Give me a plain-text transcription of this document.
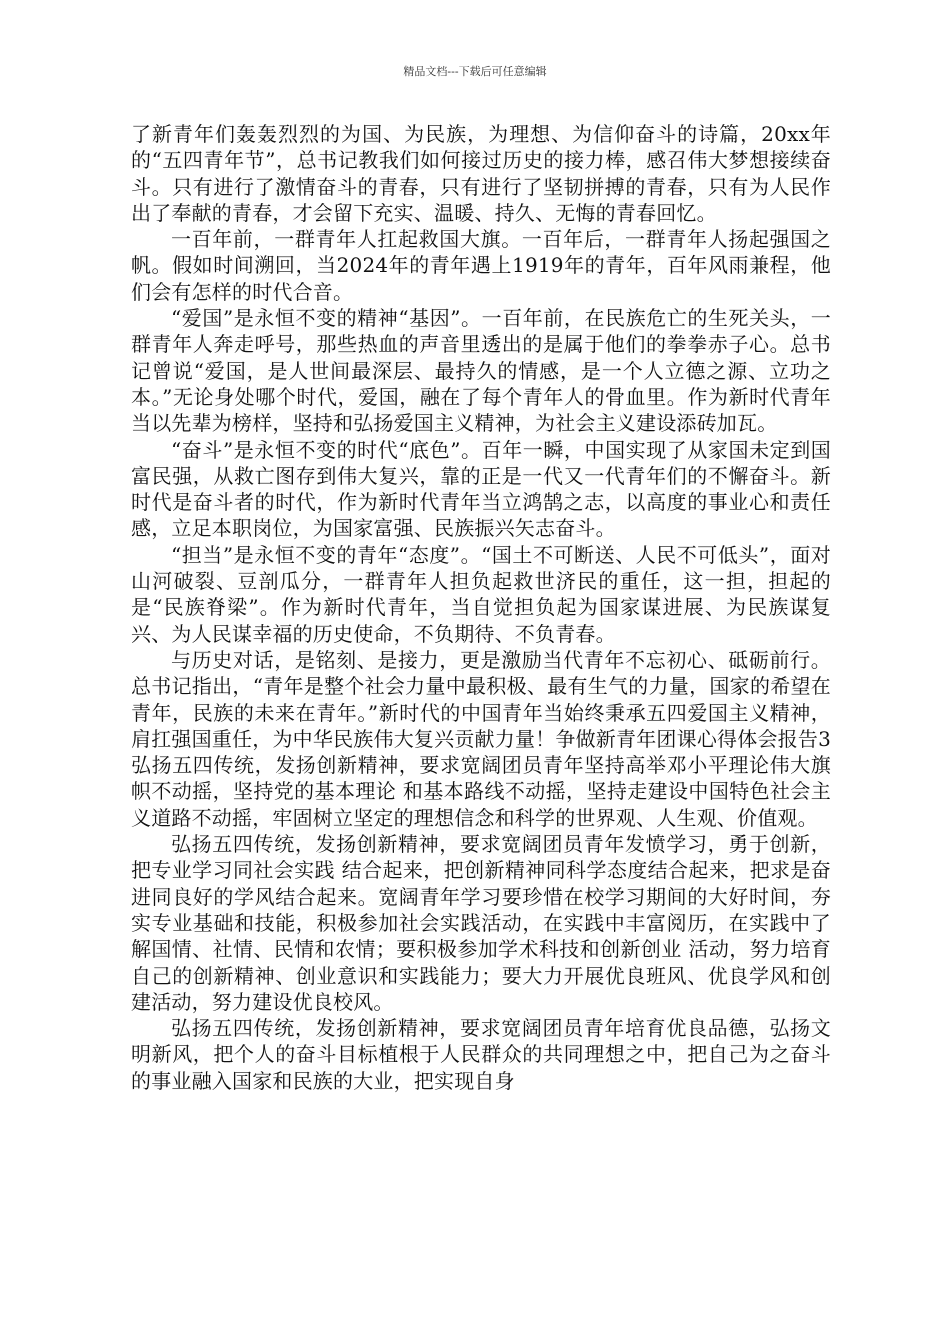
精品文档---下载后可任意编辑

了新青年们轰轰烈烈的为国、为民族，为理想、为信仰奋斗的诗篇，20xx年的“五四青年节”，总书记教我们如何接过历史的接力棒，感召伟大梦想接续奋斗。只有进行了激情奋斗的青春，只有进行了坚韧拼搏的青春，只有为人民作出了奉献的青春，才会留下充实、温暖、持久、无悔的青春回忆。

一百年前，一群青年人扛起救国大旗。一百年后，一群青年人扬起强国之帆。假如时间溯回，当2024年的青年遇上1919年的青年，百年风雨兼程，他们会有怎样的时代合音。

“爱国”是永恒不变的精神“基因”。一百年前，在民族危亡的生死关头，一群青年人奔走呼号，那些热血的声音里透出的是属于他们的拳拳赤子心。总书记曾说“爱国，是人世间最深层、最持久的情感，是一个人立德之源、立功之本。”无论身处哪个时代，爱国，融在了每个青年人的骨血里。作为新时代青年当以先辈为榜样，坚持和弘扬爱国主义精神，为社会主义建设添砖加瓦。

“奋斗”是永恒不变的时代“底色”。百年一瞬，中国实现了从家国未定到国富民强，从救亡图存到伟大复兴，靠的正是一代又一代青年们的不懈奋斗。新时代是奋斗者的时代，作为新时代青年当立鸿鹄之志，以高度的事业心和责任感，立足本职岗位，为国家富强、民族振兴矢志奋斗。

“担当”是永恒不变的青年“态度”。“国土不可断送、人民不可低头”，面对山河破裂、豆剖瓜分，一群青年人担负起救世济民的重任，这一担，担起的是“民族脊梁”。作为新时代青年，当自觉担负起为国家谋进展、为民族谋复兴、为人民谋幸福的历史使命，不负期待、不负青春。

与历史对话，是铭刻、是接力，更是激励当代青年不忘初心、砥砺前行。总书记指出，“青年是整个社会力量中最积极、最有生气的力量，国家的希望在青年，民族的未来在青年。”新时代的中国青年当始终秉承五四爱国主义精神，肩扛强国重任，为中华民族伟大复兴贡献力量！争做新青年团课心得体会报告3弘扬五四传统，发扬创新精神，要求宽阔团员青年坚持高举邓小平理论伟大旗帜不动摇，坚持党的基本理论 和基本路线不动摇，坚持走建设中国特色社会主义道路不动摇，牢固树立坚定的理想信念和科学的世界观、人生观、价值观。

弘扬五四传统，发扬创新精神，要求宽阔团员青年发愤学习，勇于创新，把专业学习同社会实践 结合起来，把创新精神同科学态度结合起来，把求是奋进同良好的学风结合起来。宽阔青年学习要珍惜在校学习期间的大好时间，夯实专业基础和技能，积极参加社会实践活动，在实践中丰富阅历，在实践中了解国情、社情、民情和农情；要积极参加学术科技和创新创业 活动，努力培育自己的创新精神、创业意识和实践能力；要大力开展优良班风、优良学风和创建活动，努力建设优良校风。

弘扬五四传统，发扬创新精神，要求宽阔团员青年培育优良品德，弘扬文明新风，把个人的奋斗目标植根于人民群众的共同理想之中，把自己为之奋斗的事业融入国家和民族的大业，把实现自身
